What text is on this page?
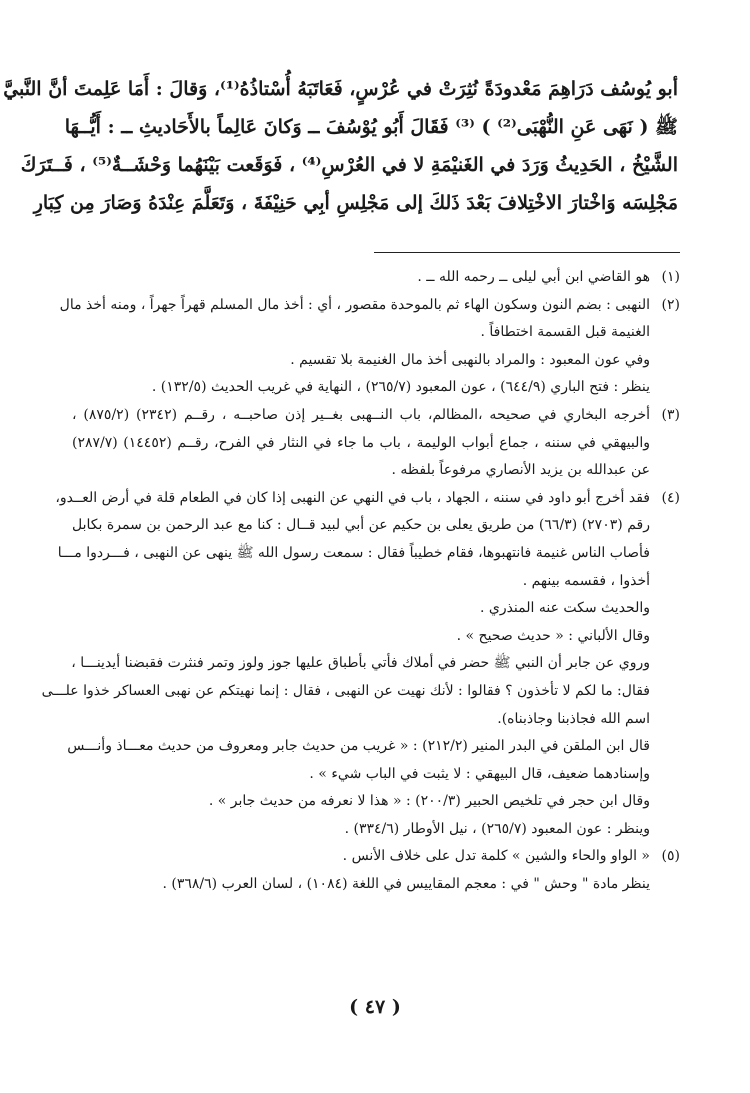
أبو يُوسُف دَرَاهِمَ مَعْدودَةً نُثِرَتْ في عُرْسٍ، فَعَاتَبَهُ أُسْتاذُهُ⁽¹⁾، وَقالَ : أَمَا عَلِمتَ أنَّ النَّبيَّ
ﷺ ( نَهَى عَنِ النُّهْبَى⁽²⁾ ) ⁽³⁾ فَقَالَ أَبُو يُوْسُفَ ــ وَكانَ عَالِماً بالأَحَاديثِ ــ : أَيُّــهَا
الشَّيْخُ ، الحَدِيثُ وَرَدَ في الغَنيْمَةِ لا في العُرْسِ⁽⁴⁾ ، فَوَقَعت بَيْنَهُما وَحْشَــةٌ⁽⁵⁾ ، فَــتَرَكَ
مَجْلِسَه وَاخْتارَ الاخْتِلافَ بَعْدَ ذَلكَ إلى مَجْلِسِ أبِي حَنِيْفَةَ ، وَتَعَلَّمَ عِنْدَهُ وَصَارَ مِن كِبَارِ
(١)هو القاضي ابن أبي ليلى ــ رحمه الله ــ .
(٢)النهبى : بضم النون وسكون الهاء ثم بالموحدة مقصور ، أي : أخذ مال المسلم قهراً جهراً ، ومنه أخذ مال
الغنيمة قبل القسمة اختطافاً .
وفي عون المعبود : والمراد بالنهبى أخذ مال الغنيمة بلا تقسيم .
ينظر : فتح الباري (٦٤٤/٩) ، عون المعبود (٢٦٥/٧) ، النهاية في غريب الحديث (١٣٢/٥) .
(٣)أخرجه البخاري في صحيحه ،المظالم، باب النــهبى بغــير إذن صاحبــه ، رقــم (٢٣٤٢) (٨٧٥/٢) ،
والبيهقي في سننه ، جماع أبواب الوليمة ، باب ما جاء في النثار في الفرح، رقــم (١٤٤٥٢) (٢٨٧/٧)
عن عبدالله بن يزيد الأنصاري مرفوعاً بلفظه .
(٤)فقد أخرج أبو داود في سننه ، الجهاد ، باب في النهي عن النهبى إذا كان في الطعام قلة في أرض العــدو،
رقم (٢٧٠٣) (٦٦/٣) من طريق يعلى بن حكيم عن أبي لبيد قــال : كنا مع عبد الرحمن بن سمرة بكابل
فأصاب الناس غنيمة فانتهبوها، فقام خطيباً فقال : سمعت رسول الله ﷺ ينهى عن النهبى ، فـــردوا مـــا
أخذوا ، فقسمه بينهم .
والحديث سكت عنه المنذري .
وقال الألباني : « حديث صحيح » .
وروي عن جابر أن النبي ﷺ حضر في أملاك فأتي بأطباق عليها جوز ولوز وتمر فنثرت فقبضنا أيدينـــا ،
فقال: ما لكم لا تأخذون ؟ فقالوا : لأنك نهيت عن النهبى ، فقال : إنما نهيتكم عن نهبى العساكر خذوا علـــى
اسم الله فجاذبنا وجاذبناه).
قال ابن الملقن في البدر المنير (٢١٢/٢) : « غريب من حديث جابر ومعروف من حديث معـــاذ وأنـــس
وإسنادهما ضعيف، قال البيهقي : لا يثبت في الباب شيء » .
وقال ابن حجر في تلخيص الحبير (٢٠٠/٣) : « هذا لا نعرفه من حديث جابر » .
وينظر : عون المعبود (٢٦٥/٧) ، نيل الأوطار (٣٣٤/٦) .
(٥)« الواو والحاء والشين » كلمة تدل على خلاف الأنس .
ينظر مادة " وحش " في : معجم المقاييس في اللغة (١٠٨٤) ، لسان العرب (٣٦٨/٦) .
( ٤٧ )
